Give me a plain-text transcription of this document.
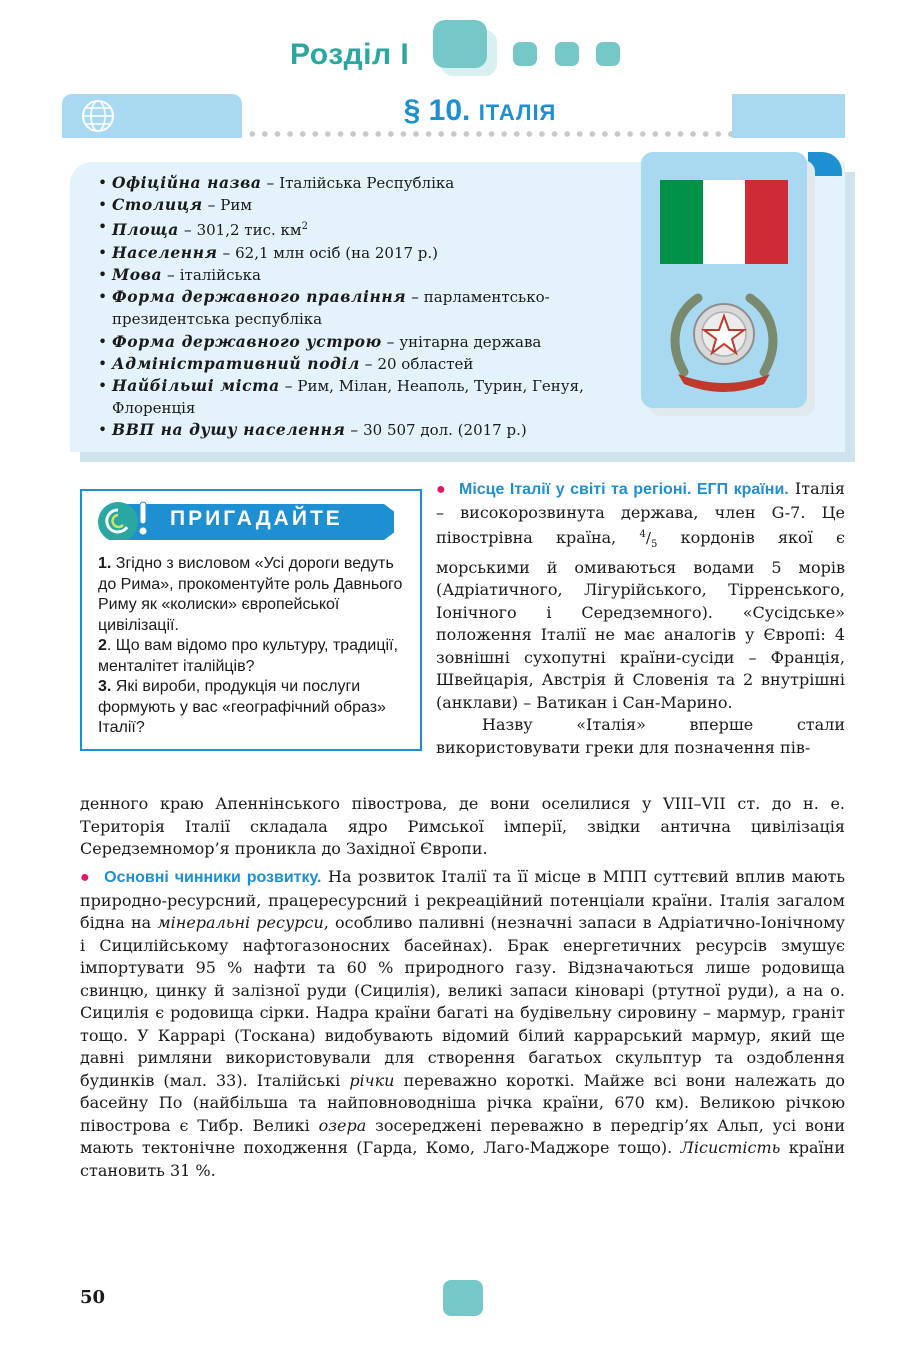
Розділ I
§ 10. ІТАЛІЯ
• Офіційна назва – Італійська Республіка
• Столиця – Рим
• Площа – 301,2 тис. $км^2$
• Населення – 62,1 млн осіб (на 2017 р.)
• Мова – італійська
• Форма державного правління – парламентсько-президентська республіка
• Форма державного устрою – унітарна держава
• Адміністративний поділ – 20 областей
• Найбільші міста – Рим, Мілан, Неаполь, Турин, Генуя, Флоренція
• ВВП на душу населення – 30 507 дол. (2017 р.)
ПРИГАДАЙТЕ

1. Згідно з висловом «Усі дороги ведуть до Рима», прокоментуйте роль Давнього Риму як «колиски» європейської цивілізації.

2. Що вам відомо про культуру, традиції, менталітет італійців?

3. Які вироби, продукція чи послуги формують у вас «географічний образ» Італії?

● Місце Італії у світі та регіоні. ЕГП країни. Італія – високорозвинута держава, член G-7. Це півострівна країна, $^4/_5$ кордонів якої є морськими й омиваються водами 5 морів (Адріатичного, Лігурійського, Тірренського, Іонічного і Середземного). «Сусідське» положення Італії не має аналогів у Європі: 4 зовнішні сухопутні країни-сусіди – Франція, Швейцарія, Австрія й Словенія та 2 внутрішні (анклави) – Ватикан і Сан-Марино.

Назву «Італія» вперше стали використовувати греки для позначення пів-

денного краю Апеннінського півострова, де вони оселилися у VIII–VII ст. до н. е. Територія Італії складала ядро Римської імперії, звідки антична цивілізація Середземномор’я проникла до Західної Європи.

● Основні чинники розвитку. На розвиток Італії та її місце в МПП суттєвий вплив мають природно-ресурсний, працересурсний і рекреаційний потенціали країни. Італія загалом бідна на мінеральні ресурси, особливо паливні (незначні запаси в Адріатично-Іонічному і Сицилійському нафтогазоносних басейнах). Брак енергетичних ресурсів змушує імпортувати 95 % нафти та 60 % природного газу. Відзначаються лише родовища свинцю, цинку й залізної руди (Сицилія), великі запаси кіноварі (ртутної руди), а на о. Сицилія є родовища сірки. Надра країни багаті на будівельну сировину – мармур, граніт тощо. У Каррарі (Тоскана) видобувають відомий білий каррарський мармур, який ще давні римляни використовували для створення багатьох скульптур та оздоблення будинків (мал. 33). Італійські річки переважно короткі. Майже всі вони належать до басейну По (найбільша та найповноводніша річка країни, 670 км). Великою річкою півострова є Тибр. Великі озера зосереджені переважно в передгір’ях Альп, усі вони мають тектонічне походження (Гарда, Комо, Лаго-Маджоре тощо). Лісистість країни становить 31 %.

50
